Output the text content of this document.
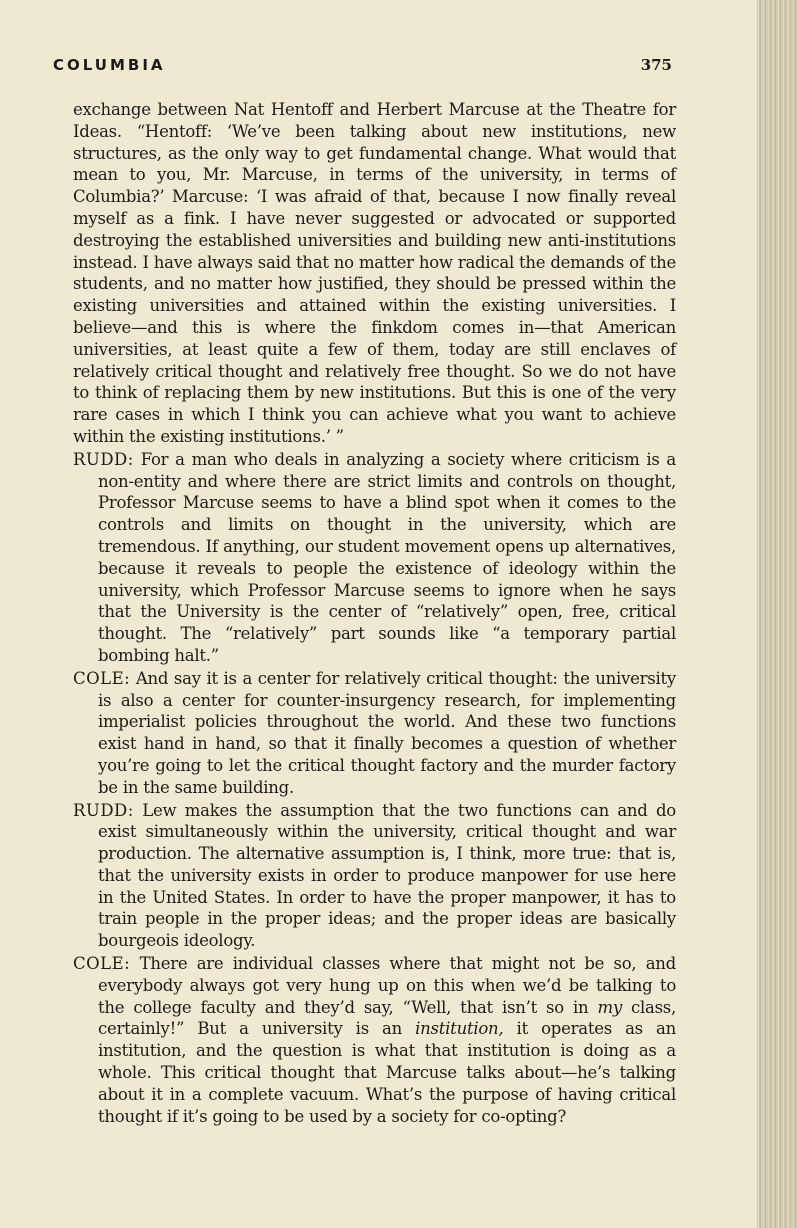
COLUMBIA	375

exchange between Nat Hentoff and Herbert Marcuse at the Theatre for Ideas. “Hentoff: ‘We’ve been talking about new institutions, new structures, as the only way to get fundamental change. What would that mean to you, Mr. Marcuse, in terms of the university, in terms of Columbia?’ Marcuse: ‘I was afraid of that, because I now finally reveal myself as a fink. I have never suggested or advocated or supported destroying the established universities and building new anti-institutions instead. I have always said that no matter how radical the demands of the students, and no matter how justified, they should be pressed within the existing universities and attained within the existing universities. I believe—and this is where the finkdom comes in—that American universities, at least quite a few of them, today are still enclaves of relatively critical thought and relatively free thought. So we do not have to think of replacing them by new institutions. But this is one of the very rare cases in which I think you can achieve what you want to achieve within the existing institutions.’ ”

RUDD: For a man who deals in analyzing a society where criticism is a non-entity and where there are strict limits and controls on thought, Professor Marcuse seems to have a blind spot when it comes to the controls and limits on thought in the university, which are tremendous. If anything, our student movement opens up alternatives, because it reveals to people the existence of ideology within the university, which Professor Marcuse seems to ignore when he says that the University is the center of “relatively” open, free, critical thought. The “relatively” part sounds like “a temporary partial bombing halt.”

COLE: And say it is a center for relatively critical thought: the university is also a center for counter-insurgency research, for implementing imperialist policies throughout the world. And these two functions exist hand in hand, so that it finally becomes a question of whether you’re going to let the critical thought factory and the murder factory be in the same building.

RUDD: Lew makes the assumption that the two functions can and do exist simultaneously within the university, critical thought and war production. The alternative assumption is, I think, more true: that is, that the university exists in order to produce manpower for use here in the United States. In order to have the proper manpower, it has to train people in the proper ideas; and the proper ideas are basically bourgeois ideology.

COLE: There are individual classes where that might not be so, and everybody always got very hung up on this when we’d be talking to the college faculty and they’d say, “Well, that isn’t so in my class, certainly!” But a university is an institution, it operates as an institution, and the question is what that institution is doing as a whole. This critical thought that Marcuse talks about—he’s talking about it in a complete vacuum. What’s the purpose of having critical thought if it’s going to be used by a society for co-opting?
